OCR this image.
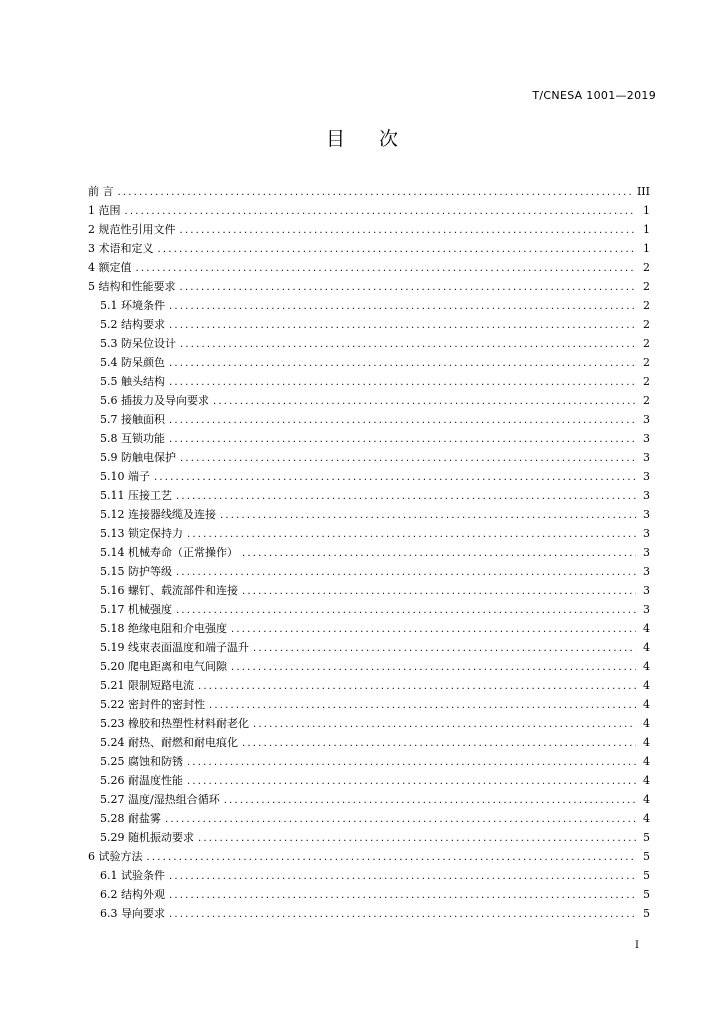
T/CNESA 1001—2019
目 次
前 言 .....	III
1 范围 .....	1
2 规范性引用文件 .....	1
3 术语和定义 .....	1
4 额定值 .....	2
5 结构和性能要求 .....	2
5.1 环境条件 .....	2
5.2 结构要求 .....	2
5.3 防呆位设计 .....	2
5.4 防呆颜色 .....	2
5.5 触头结构 .....	2
5.6 插拔力及导向要求 .....	2
5.7 接触面积 .....	3
5.8 互锁功能 .....	3
5.9 防触电保护 .....	3
5.10 端子 .....	3
5.11 压接工艺 .....	3
5.12 连接器线缆及连接 .....	3
5.13 锁定保持力 .....	3
5.14 机械寿命（正常操作） .....	3
5.15 防护等级 .....	3
5.16 螺钉、载流部件和连接 .....	3
5.17 机械强度 .....	3
5.18 绝缘电阻和介电强度 .....	4
5.19 线束表面温度和端子温升 .....	4
5.20 爬电距离和电气间隙 .....	4
5.21 限制短路电流 .....	4
5.22 密封件的密封性 .....	4
5.23 橡胶和热塑性材料耐老化 .....	4
5.24 耐热、耐燃和耐电痕化 .....	4
5.25 腐蚀和防锈 .....	4
5.26 耐温度性能 .....	4
5.27 温度/湿热组合循环 .....	4
5.28 耐盐雾 .....	4
5.29 随机振动要求 .....	5
6 试验方法 .....	5
6.1 试验条件 .....	5
6.2 结构外观 .....	5
6.3 导向要求 .....	5
I
